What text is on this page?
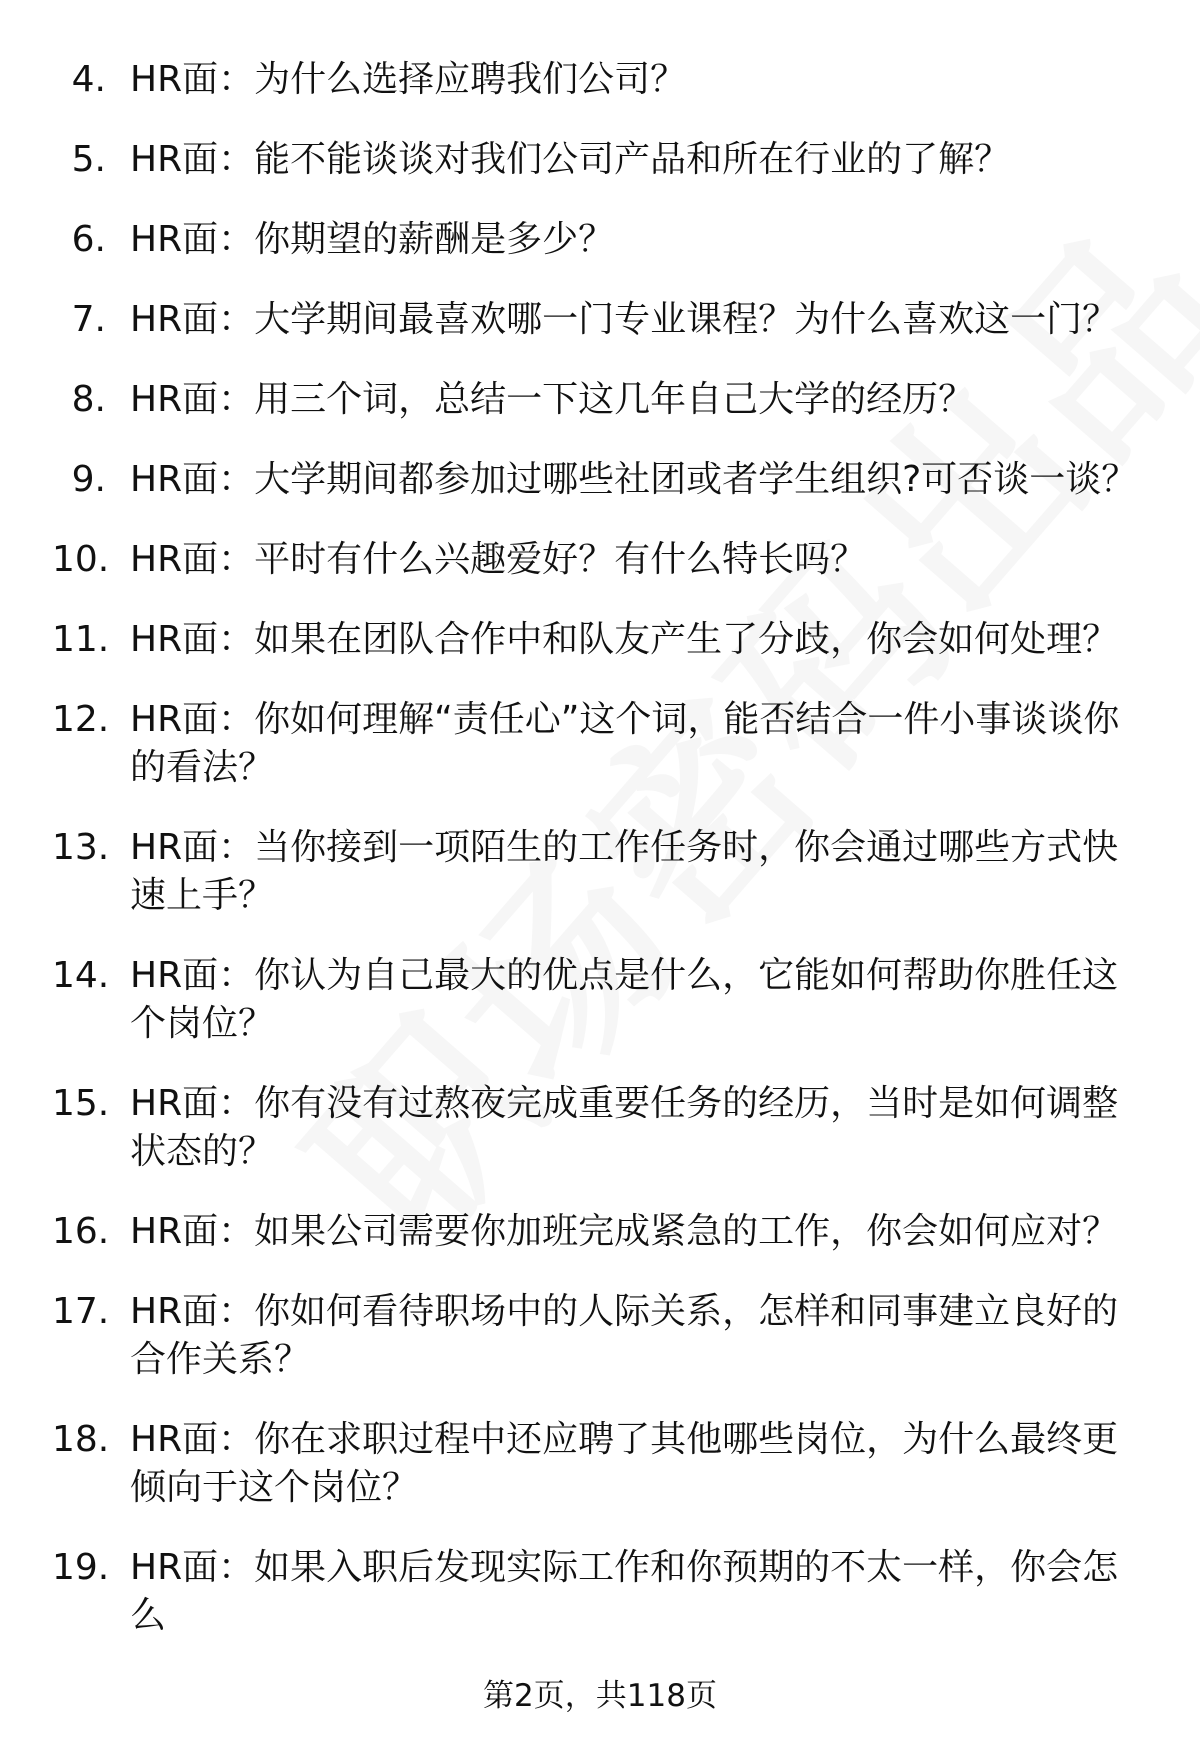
4. HR面：为什么选择应聘我们公司？
5. HR面：能不能谈谈对我们公司产品和所在行业的了解？
6. HR面：你期望的薪酬是多少？
7. HR面：大学期间最喜欢哪一门专业课程？为什么喜欢这一门？
8. HR面：用三个词，总结一下这几年自己大学的经历？
9. HR面：大学期间都参加过哪些社团或者学生组织?可否谈一谈？
10. HR面：平时有什么兴趣爱好？有什么特长吗？
11. HR面：如果在团队合作中和队友产生了分歧，你会如何处理？
12. HR面：你如何理解“责任心”这个词，能否结合一件小事谈谈你的看法？
13. HR面：当你接到一项陌生的工作任务时，你会通过哪些方式快速上手？
14. HR面：你认为自己最大的优点是什么，它能如何帮助你胜任这个岗位？
15. HR面：你有没有过熬夜完成重要任务的经历，当时是如何调整状态的？
16. HR面：如果公司需要你加班完成紧急的工作，你会如何应对？
17. HR面：你如何看待职场中的人际关系，怎样和同事建立良好的合作关系？
18. HR面：你在求职过程中还应聘了其他哪些岗位，为什么最终更倾向于这个岗位？
19. HR面：如果入职后发现实际工作和你预期的不太一样，你会怎么
第2页，共118页
